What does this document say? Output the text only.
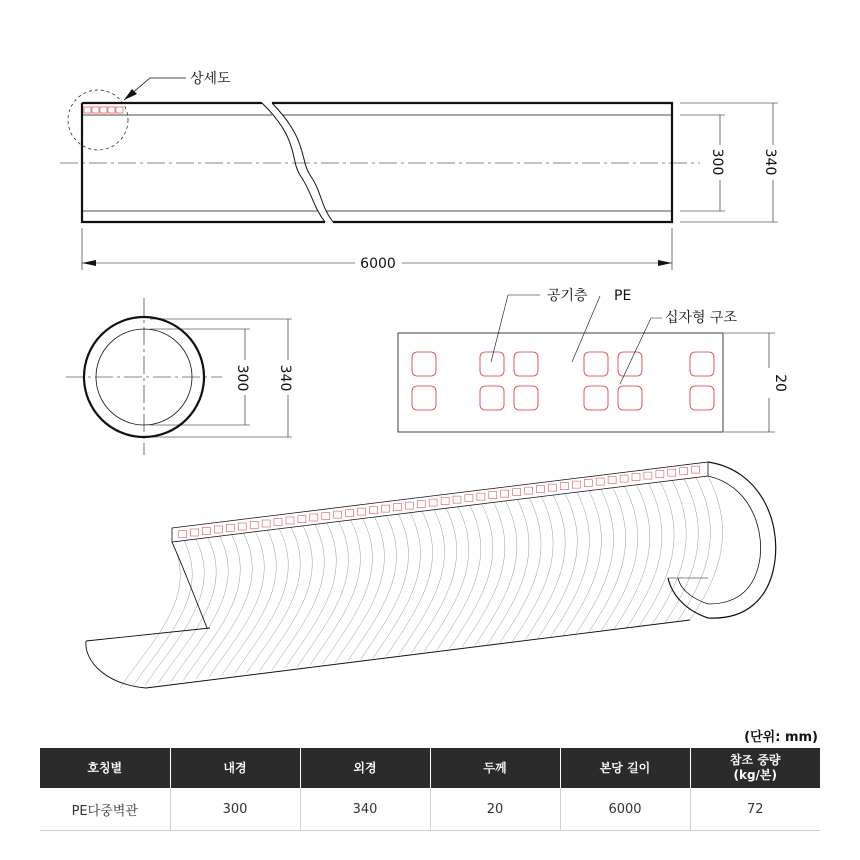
상세도
300	340
6000
300 340
공기층 PE
십자형 구조
20
(단위: mm)
호칭별	내경	외경	두께	본당 길이	참조 중량
(kg/본)
PE다중벽관	300	340	20	6000	72
